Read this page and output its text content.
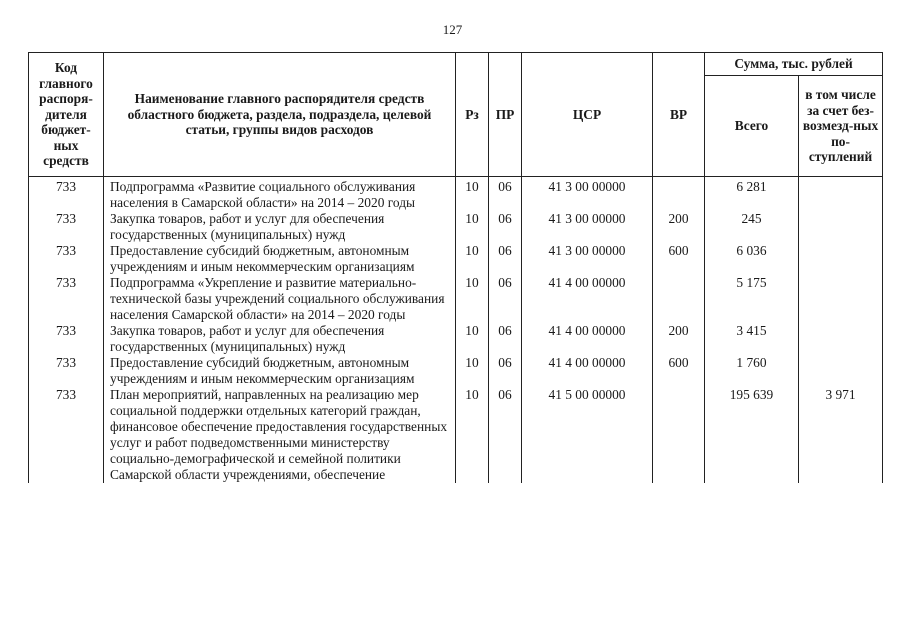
127
Код главного распоря-дителя бюджет-ных средств	Наименование главного распорядителя средств областного бюджета, раздела, подраздела, целевой статьи, группы видов расходов	Рз	ПР	ЦСР	ВР	Сумма, тыс. рублей	
						Всего	в том числе за счет без-возмезд-ных по-ступлений
733	Подпрограмма «Развитие социального обслуживания населения в Самарской области» на 2014 – 2020 годы	10	06	41 3 00 00000		6 281	
733	Закупка товаров, работ и услуг для обеспечения государственных (муниципальных) нужд	10	06	41 3 00 00000	200	245	
733	Предоставление субсидий бюджетным, автономным учреждениям и иным некоммерческим организациям	10	06	41 3 00 00000	600	6 036	
733	Подпрограмма «Укрепление и развитие материально-технической базы учреждений социального обслуживания населения Самарской области» на 2014 – 2020 годы	10	06	41 4 00 00000		5 175	
733	Закупка товаров, работ и услуг для обеспечения государственных (муниципальных) нужд	10	06	41 4 00 00000	200	3 415	
733	Предоставление субсидий бюджетным, автономным учреждениям и иным некоммерческим организациям	10	06	41 4 00 00000	600	1 760	
733	План мероприятий, направленных на реализацию мер социальной поддержки отдельных категорий граждан, финансовое обеспечение предоставления государственных услуг и работ подведомственными министерству социально-демографической и семейной политики Самарской области учреждениями, обеспечение	10	06	41 5 00 00000		195 639	3 971
